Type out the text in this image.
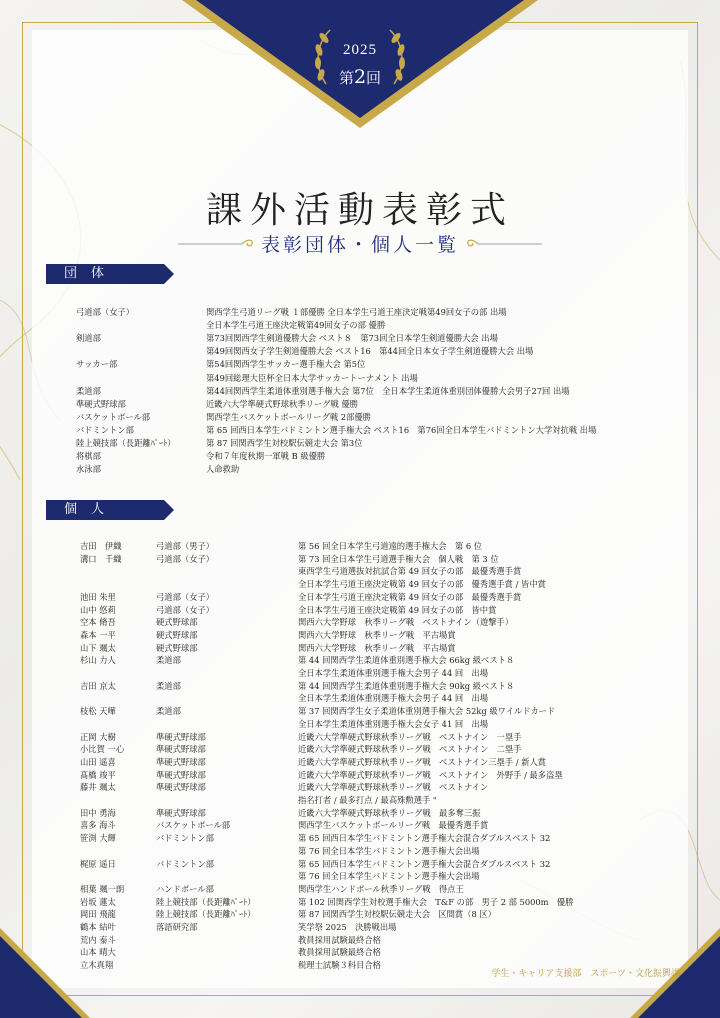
2025
第2回
課外活動表彰式
表彰団体・個人一覧
団体
個人
弓道部（女子）	関西学生弓道リーグ戦 １部優勝 全日本学生弓道王座決定戦第49回女子の部 出場
全日本学生弓道王座決定戦第49回女子の部 優勝
剣道部	第73回関西学生剣道優勝大会 ベスト８　第73回全日本学生剣道優勝大会 出場
第49回関西女子学生剣道優勝大会 ベスト16　第44回全日本女子学生剣道優勝大会 出場
サッカー部	第54回関西学生サッカー選手権大会 第5位
第49回総理大臣杯全日本大学サッカートーナメント 出場
柔道部	第44回関西学生柔道体重別選手権大会 第7位　全日本学生柔道体重別団体優勝大会男子27回 出場
準硬式野球部	近畿六大学準硬式野球秋季リーグ戦 優勝
バスケットボール部	関西学生バスケットボールリーグ戦 2部優勝
バドミントン部	第 65 回西日本学生バドミントン選手権大会 ベスト16　第76回全日本学生バドミントン大学対抗戦 出場
陸上競技部（長距離ﾊﾟｰﾄ）	第 87 回関西学生対校駅伝競走大会 第3位
将棋部	令和７年度秋期一軍戦 B 級優勝
水泳部	人命救助
吉田　伊織	弓道部（男子）	第 56 回全日本学生弓道遠的選手権大会　第 6 位
溝口　千織	弓道部（女子）	第 73 回全日本学生弓道選手権大会　個人戦　第 3 位
東西学生弓道選抜対抗試合第 49 回女子の部　最優秀選手賞
全日本学生弓道王座決定戦第 49 回女子の部　優秀選手賞 / 皆中賞
池田 朱里	弓道部（女子）	全日本学生弓道王座決定戦第 49 回女子の部　最優秀選手賞
山中 悠莉	弓道部（女子）	全日本学生弓道王座決定戦第 49 回女子の部　皆中賞
空本 脩吾	硬式野球部	関西六大学野球　秋季リーグ戦　ベストナイン（遊撃手）
森本 一平	硬式野球部	関西六大学野球　秋季リーグ戦　平古場賞
山下 颯太	硬式野球部	関西六大学野球　秋季リーグ戦　平古場賞
杉山 力人	柔道部	第 44 回関西学生柔道体重別選手権大会 66kg 級ベスト８
全日本学生柔道体重別選手権大会男子 44 回　出場
吉田 京太	柔道部	第 44 回関西学生柔道体重別選手権大会 90kg 級ベスト８
全日本学生柔道体重別選手権大会男子 44 回　出場
枝松 天嘩	柔道部	第 37 回関西学生女子柔道体重別選手権大会 52kg 級ワイルドカード
全日本学生柔道体重別選手権大会女子 41 回　出場
正岡 大樹	準硬式野球部	近畿六大学準硬式野球秋季リーグ戦　ベストナイン　一塁手
小比賀 一心	準硬式野球部	近畿六大学準硬式野球秋季リーグ戦　ベストナイン　二塁手
山田 遥喜	準硬式野球部	近畿六大学準硬式野球秋季リーグ戦　ベストナイン三塁手 / 新人賞
髙橋 竣平	準硬式野球部	近畿六大学準硬式野球秋季リーグ戦　ベストナイン　外野手 / 最多盗塁
藤井 颯太	準硬式野球部	近畿六大学準硬式野球秋季リーグ戦　ベストナイン
指名打者 / 最多打点 / 最高殊勲選手 "
田中 勇海	準硬式野球部	近畿六大学準硬式野球秋季リーグ戦　最多奪三振
喜多 海斗	バスケットボール部	関西学生バスケットボールリーグ戦　最優秀選手賞
笹渕 大輝	バドミントン部	第 65 回西日本学生バドミントン選手権大会混合ダブルスベスト 32
第 76 回全日本学生バドミントン選手権大会出場
梶原 遥日	バドミントン部	第 65 回西日本学生バドミントン選手権大会混合ダブルスベスト 32
第 76 回全日本学生バドミントン選手権大会出場
相葉 颯一朗	ハンドボール部	関西学生ハンドボール秋季リーグ戦　得点王
岩坂 蓮太	陸上競技部（長距離ﾊﾟｰﾄ）	第 102 回関西学生対校選手権大会　T&F の部　男子 2 部 5000m　優勝
岡田 飛龍	陸上競技部（長距離ﾊﾟｰﾄ）	第 87 回関西学生対校駅伝競走大会　区間賞（8 区）
鶴本 結叶	落語研究部	笑学祭 2025　決勝戦出場
荒内 泰斗	教員採用試験最終合格
山本 晴大	教員採用試験最終合格
立木真翔	税理士試験３科目合格
学生・キャリア支援部　スポーツ・文化振興課
